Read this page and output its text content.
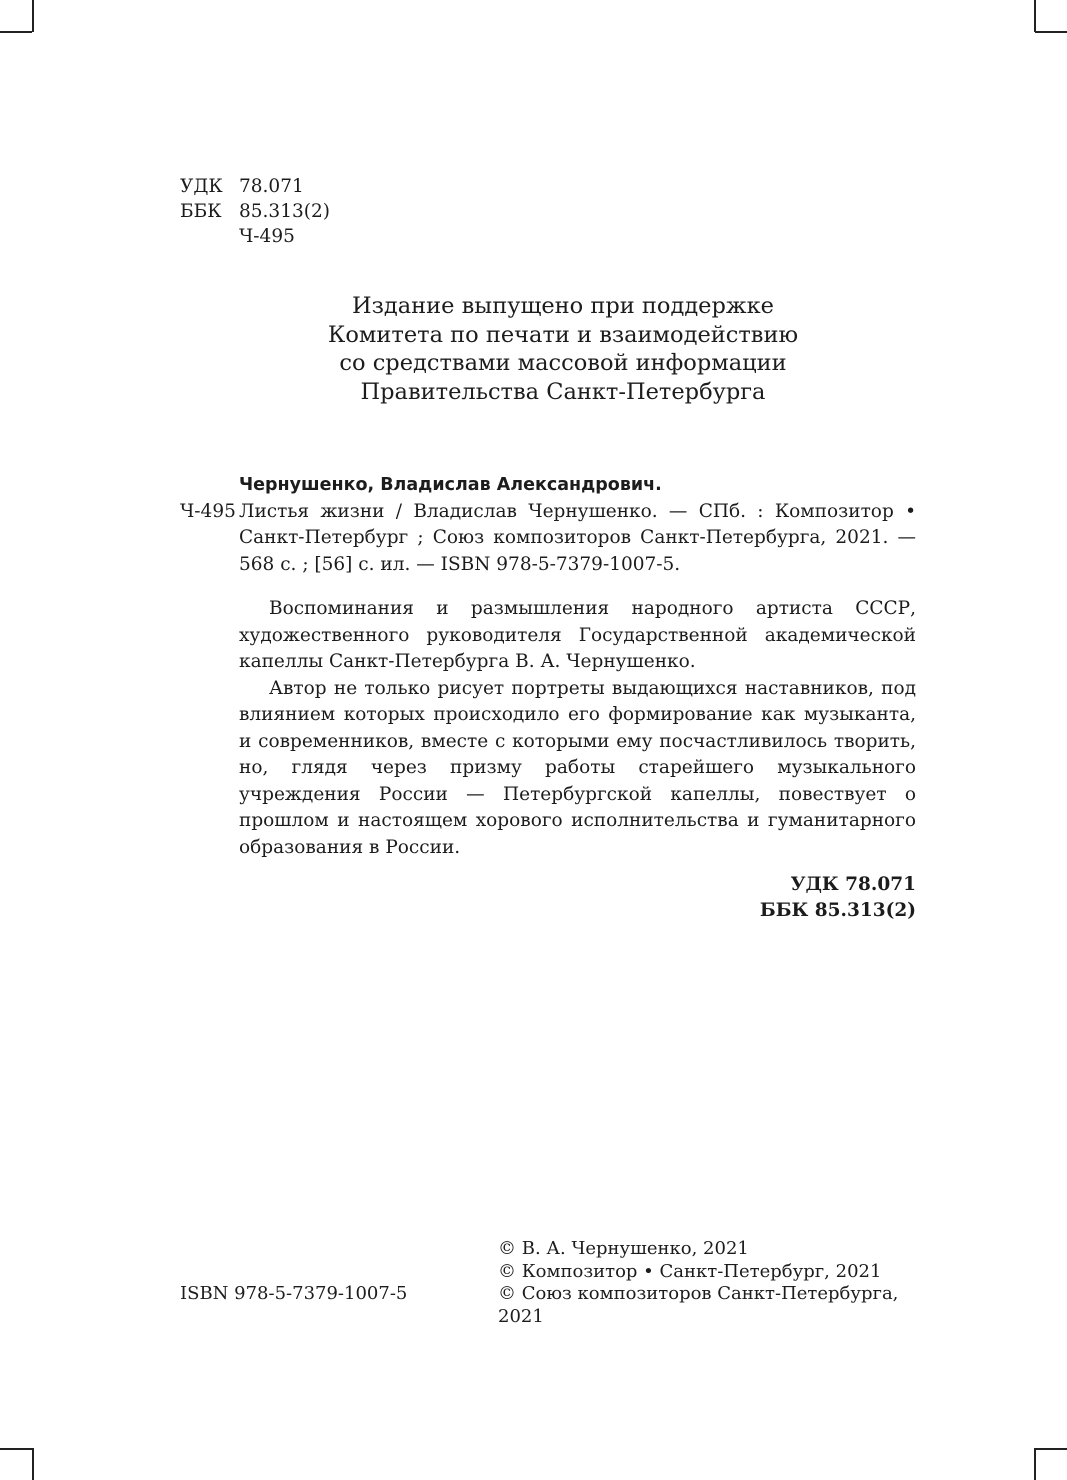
УДК 78.071
ББК 85.313(2)
Ч-495
Издание выпущено при поддержке
Комитета по печати и взаимодействию
со средствами массовой информации
Правительства Санкт-Петербурга
Чернушенко, Владислав Александрович.
Ч-495 Листья жизни / Владислав Чернушенко. — СПб. : Композитор • Санкт-Петербург ; Союз композиторов Санкт-Петербурга, 2021. — 568 с. ; [56] с. ил. — ISBN 978-5-7379-1007-5.

Воспоминания и размышления народного артиста СССР, художественного руководителя Государственной академической капеллы Санкт-Петербурга В. А. Чернушенко.

Автор не только рисует портреты выдающихся наставников, под влиянием которых происходило его формирование как музыканта, и современников, вместе с которыми ему посчастливилось творить, но, глядя через призму работы старейшего музыкального учреждения России — Петербургской капеллы, повествует о прошлом и настоящем хорового исполнительства и гуманитарного образования в России.

УДК 78.071
ББК 85.313(2)
ISBN 978-5-7379-1007-5
© В. А. Чернушенко, 2021
© Композитор • Санкт-Петербург, 2021
© Союз композиторов Санкт-Петербурга, 2021
